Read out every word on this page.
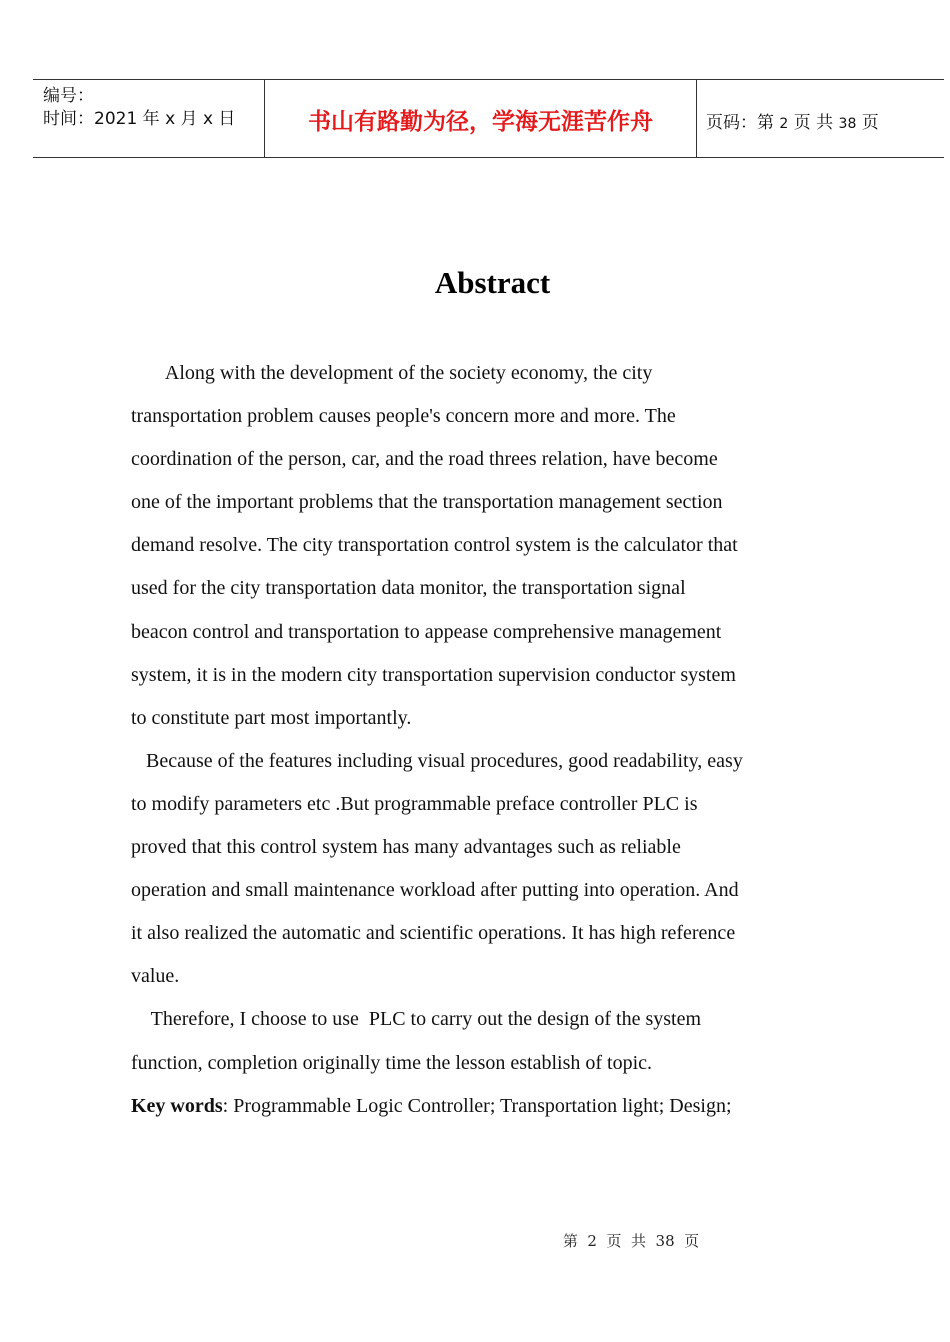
编号：
时间：2021 年 x 月 x 日	书山有路勤为径，学海无涯苦作舟	页码：第 2 页 共 38 页
Abstract

Along with the development of the society economy, the city

transportation problem causes people's concern more and more. The

coordination of the person, car, and the road threes relation, have become

one of the important problems that the transportation management section

demand resolve. The city transportation control system is the calculator that

used for the city transportation data monitor, the transportation signal

beacon control and transportation to appease comprehensive management

system, it is in the modern city transportation supervision conductor system

to constitute part most importantly.

Because of the features including visual procedures, good readability, easy

to modify parameters etc .But programmable preface controller PLC is

proved that this control system has many advantages such as reliable

operation and small maintenance workload after putting into operation. And

it also realized the automatic and scientific operations. It has high reference

value.

Therefore, I choose to use  PLC to carry out the design of the system

function, completion originally time the lesson establish of topic.

Key words: Programmable Logic Controller; Transportation light; Design;

第  2  页  共  38  页
